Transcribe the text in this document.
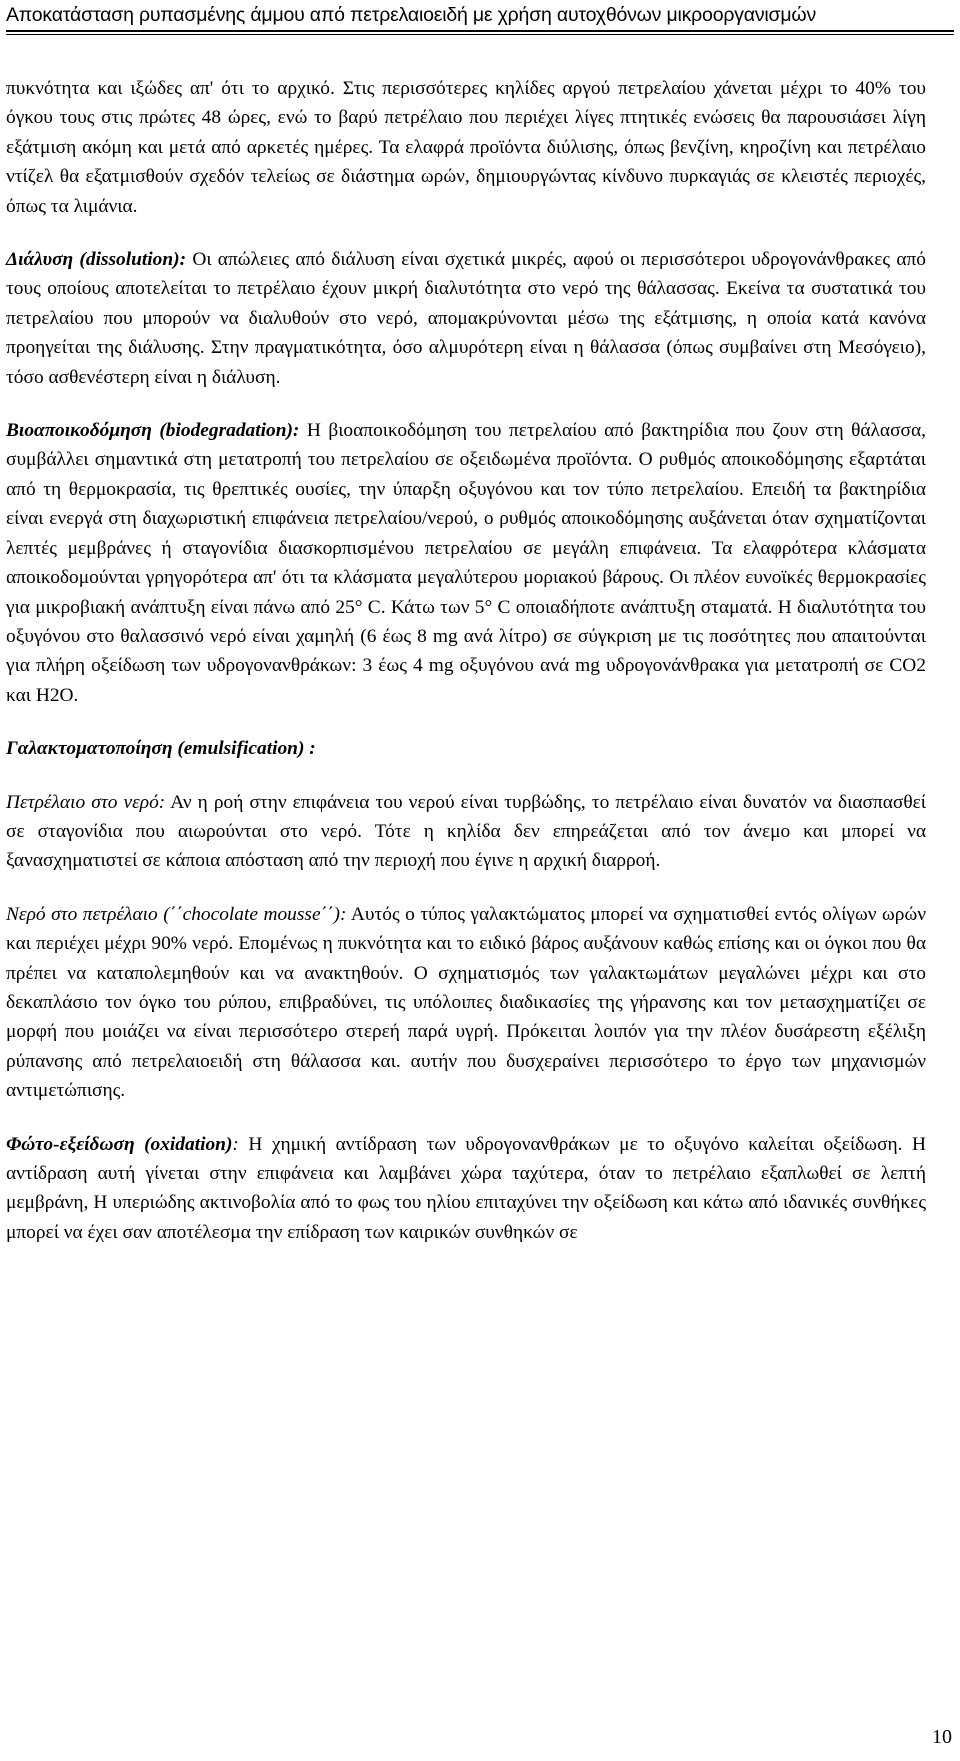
Αποκατάσταση ρυπασμένης άμμου από πετρελαιοειδή με χρήση αυτοχθόνων μικροοργανισμών

πυκνότητα και ιξώδες απ' ότι το αρχικό. Στις περισσότερες κηλίδες αργού πετρελαίου χάνεται μέχρι το 40% του όγκου τους στις πρώτες 48 ώρες, ενώ το βαρύ πετρέλαιο που περιέχει λίγες πτητικές ενώσεις θα παρουσιάσει λίγη εξάτμιση ακόμη και μετά από αρκετές ημέρες. Τα ελαφρά προϊόντα διύλισης, όπως βενζίνη, κηροζίνη και πετρέλαιο ντίζελ θα εξατμισθούν σχεδόν τελείως σε διάστημα ωρών, δημιουργώντας κίνδυνο πυρκαγιάς σε κλειστές περιοχές, όπως τα λιμάνια.

Διάλυση (dissolution): Οι απώλειες από διάλυση είναι σχετικά μικρές, αφού οι περισσότεροι υδρογονάνθρακες από τους οποίους αποτελείται το πετρέλαιο έχουν μικρή διαλυτότητα στο νερό της θάλασσας. Εκείνα τα συστατικά του πετρελαίου που μπορούν να διαλυθούν στο νερό, απομακρύνονται μέσω της εξάτμισης, η οποία κατά κανόνα προηγείται της διάλυσης. Στην πραγματικότητα, όσο αλμυρότερη είναι η θάλασσα (όπως συμβαίνει στη Μεσόγειο), τόσο ασθενέστερη είναι η διάλυση.

Βιοαποικοδόμηση (biodegradation): Η βιοαποικοδόμηση του πετρελαίου από βακτηρίδια που ζουν στη θάλασσα, συμβάλλει σημαντικά στη μετατροπή του πετρελαίου σε οξειδωμένα προϊόντα. Ο ρυθμός αποικοδόμησης εξαρτάται από τη θερμοκρασία, τις θρεπτικές ουσίες, την ύπαρξη οξυγόνου και τον τύπο πετρελαίου. Επειδή τα βακτηρίδια είναι ενεργά στη διαχωριστική επιφάνεια πετρελαίου/νερού, ο ρυθμός αποικοδόμησης αυξάνεται όταν σχηματίζονται λεπτές μεμβράνες ή σταγονίδια διασκορπισμένου πετρελαίου σε μεγάλη επιφάνεια. Τα ελαφρότερα κλάσματα αποικοδομούνται γρηγορότερα απ' ότι τα κλάσματα μεγαλύτερου μοριακού βάρους. Οι πλέον ευνοϊκές θερμοκρασίες για μικροβιακή ανάπτυξη είναι πάνω από 25° C. Κάτω των 5° C οποιαδήποτε ανάπτυξη σταματά. Η διαλυτότητα του οξυγόνου στο θαλασσινό νερό είναι χαμηλή (6 έως 8 mg ανά λίτρο) σε σύγκριση με τις ποσότητες που απαιτούνται για πλήρη οξείδωση των υδρογονανθράκων: 3 έως 4 mg οξυγόνου ανά mg υδρογονάνθρακα για μετατροπή σε CO2 και H2O.

Γαλακτοματοποίηση (emulsification) :

Πετρέλαιο στο νερό: Αν η ροή στην επιφάνεια του νερού είναι τυρβώδης, το πετρέλαιο είναι δυνατόν να διασπασθεί σε σταγονίδια που αιωρούνται στο νερό. Τότε η κηλίδα δεν επηρεάζεται από τον άνεμο και μπορεί να ξανασχηματιστεί σε κάποια απόσταση από την περιοχή που έγινε η αρχική διαρροή.

Νερό στο πετρέλαιο (΄΄chocolate mousse΄΄): Αυτός ο τύπος γαλακτώματος μπορεί να σχηματισθεί εντός ολίγων ωρών και περιέχει μέχρι 90% νερό. Επομένως η πυκνότητα και το ειδικό βάρος αυξάνουν καθώς επίσης και οι όγκοι που θα πρέπει να καταπολεμηθούν και να ανακτηθούν. Ο σχηματισμός των γαλακτωμάτων μεγαλώνει μέχρι και στο δεκαπλάσιο τον όγκο του ρύπου, επιβραδύνει, τις υπόλοιπες διαδικασίες της γήρανσης και τον μετασχηματίζει σε μορφή που μοιάζει να είναι περισσότερο στερεή παρά υγρή. Πρόκειται λοιπόν για την πλέον δυσάρεστη εξέλιξη ρύπανσης από πετρελαιοειδή στη θάλασσα και. αυτήν που δυσχεραίνει περισσότερο το έργο των μηχανισμών αντιμετώπισης.

Φώτο-εξείδωση (oxidation): Η χημική αντίδραση των υδρογονανθράκων με το οξυγόνο καλείται οξείδωση. Η αντίδραση αυτή γίνεται στην επιφάνεια και λαμβάνει χώρα ταχύτερα, όταν το πετρέλαιο εξαπλωθεί σε λεπτή μεμβράνη, Η υπεριώδης ακτινοβολία από το φως του ηλίου επιταχύνει την οξείδωση και κάτω από ιδανικές συνθήκες μπορεί να έχει σαν αποτέλεσμα την επίδραση των καιρικών συνθηκών σε

10
